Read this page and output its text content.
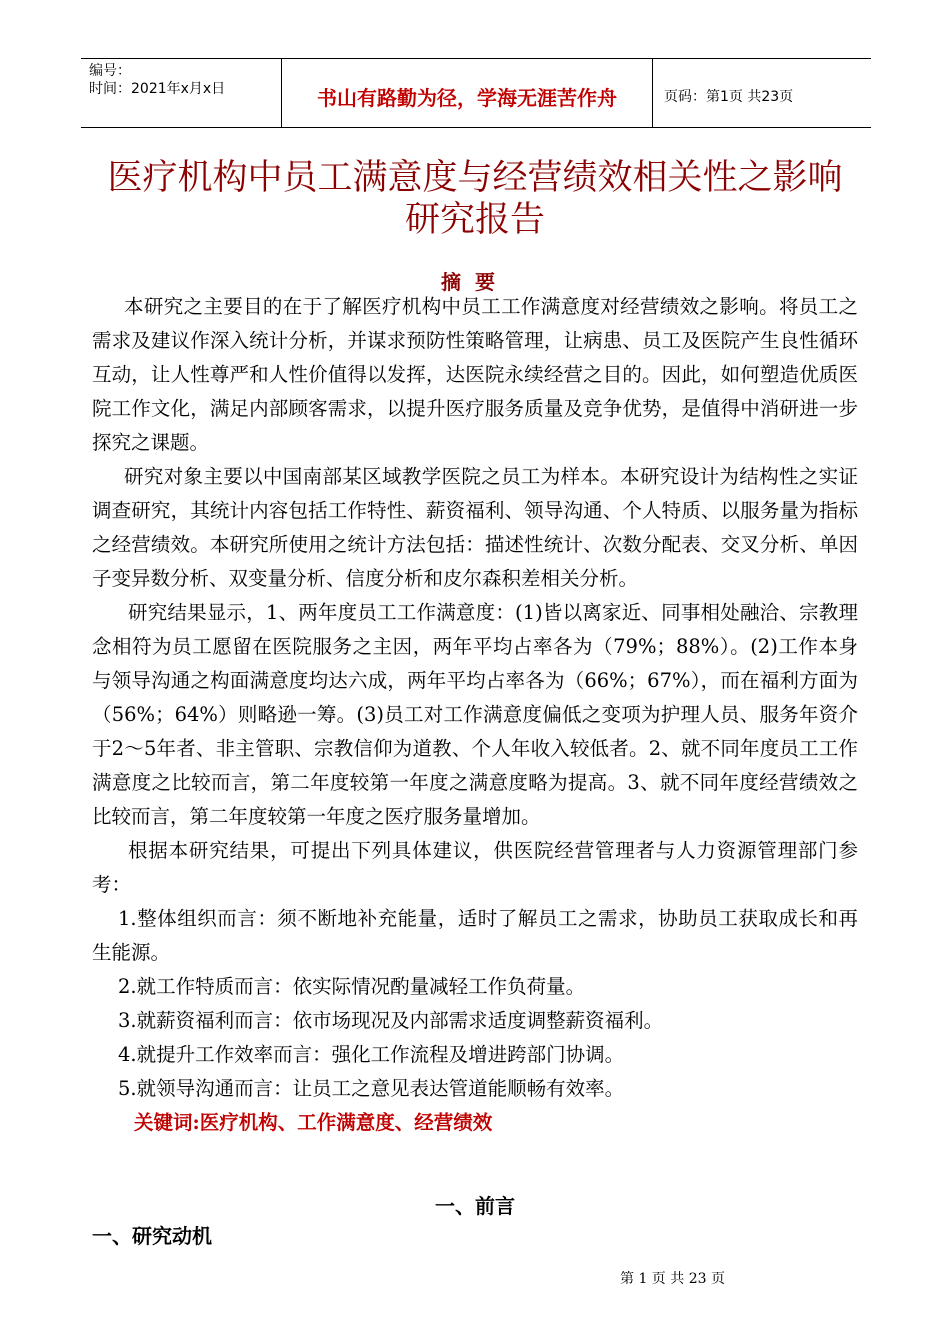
编号：
时间：2021年x月x日	书山有路勤为径，学海无涯苦作舟	页码：第1页 共23页
医疗机构中员工满意度与经营绩效相关性之影响
研究报告
摘要

本研究之主要目的在于了解医疗机构中员工工作满意度对经营绩效之影响。将员工之需求及建议作深入统计分析，并谋求预防性策略管理，让病患、员工及医院产生良性循环互动，让人性尊严和人性价值得以发挥，达医院永续经营之目的。因此，如何塑造优质医院工作文化，满足内部顾客需求，以提升医疗服务质量及竞争优势，是值得中消研进一步探究之课题。

研究对象主要以中国南部某区域教学医院之员工为样本。本研究设计为结构性之实证调查研究，其统计内容包括工作特性、薪资福利、领导沟通、个人特质、以服务量为指标之经营绩效。本研究所使用之统计方法包括：描述性统计、次数分配表、交叉分析、单因子变异数分析、双变量分析、信度分析和皮尔森积差相关分析。

研究结果显示，1、两年度员工工作满意度：(1)皆以离家近、同事相处融洽、宗教理念相符为员工愿留在医院服务之主因，两年平均占率各为（79%；88%）。(2)工作本身与领导沟通之构面满意度均达六成，两年平均占率各为（66%；67%），而在福利方面为（56%；64%）则略逊一筹。(3)员工对工作满意度偏低之变项为护理人员、服务年资介于2～5年者、非主管职、宗教信仰为道教、个人年收入较低者。2、就不同年度员工工作满意度之比较而言，第二年度较第一年度之满意度略为提高。3、就不同年度经营绩效之比较而言，第二年度较第一年度之医疗服务量增加。

根据本研究结果，可提出下列具体建议，供医院经营管理者与人力资源管理部门参考：

1.整体组织而言：须不断地补充能量，适时了解员工之需求，协助员工获取成长和再生能源。

2.就工作特质而言：依实际情况酌量减轻工作负荷量。

3.就薪资福利而言：依市场现况及内部需求适度调整薪资福利。

4.就提升工作效率而言：强化工作流程及增进跨部门协调。

5.就领导沟通而言：让员工之意见表达管道能顺畅有效率。

关键词:医疗机构、工作满意度、经营绩效

一、前言
一、研究动机
第 1 页 共 23 页
